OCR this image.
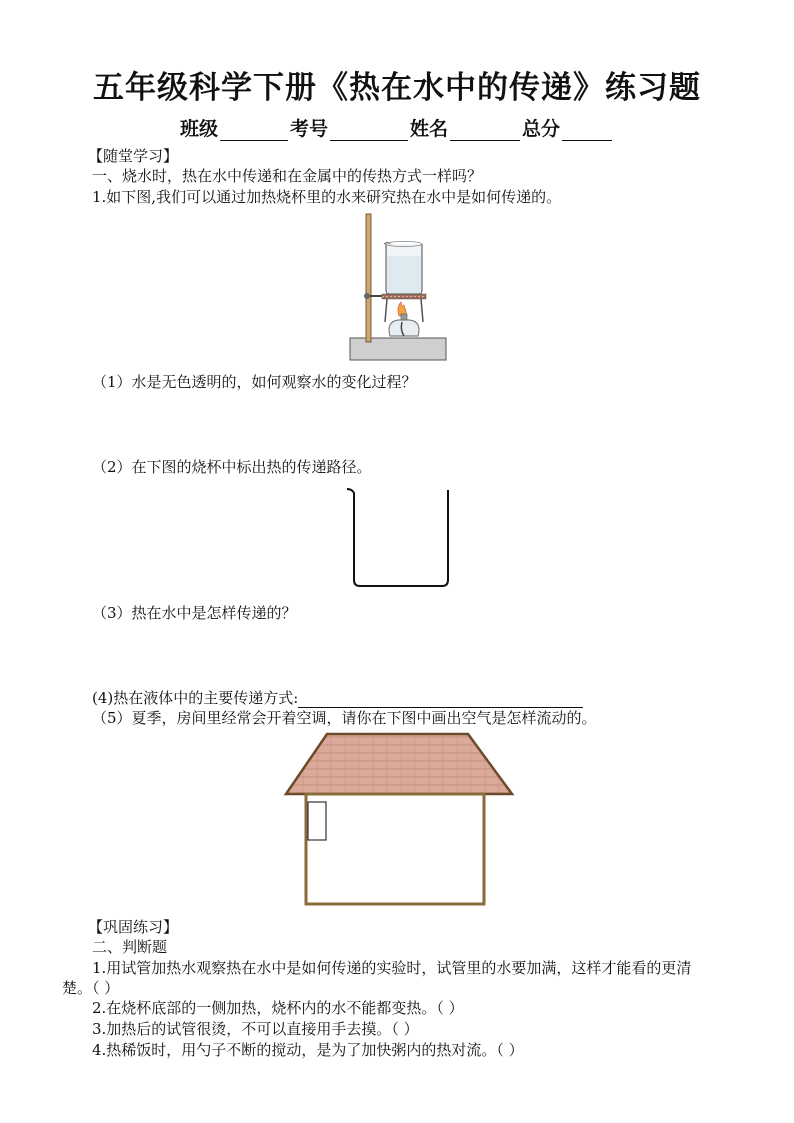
五年级科学下册《热在水中的传递》练习题
班级	考号	姓名	总分
【随堂学习】
一、烧水时，热在水中传递和在金属中的传热方式一样吗？
1.如下图,我们可以通过加热烧杯里的水来研究热在水中是如何传递的。
（1）水是无色透明的，如何观察水的变化过程？
（2）在下图的烧杯中标出热的传递路径。
（3）热在水中是怎样传递的？
(4)热在液体中的主要传递方式:
（5）夏季，房间里经常会开着空调，请你在下图中画出空气是怎样流动的。
【巩固练习】
二、判断题
1.用试管加热水观察热在水中是如何传递的实验时，试管里的水要加满，这样才能看的更清
楚。（ ）
2.在烧杯底部的一侧加热，烧杯内的水不能都变热。（ ）
3.加热后的试管很烫，不可以直接用手去摸。（ ）
4.热稀饭时，用勺子不断的搅动，是为了加快粥内的热对流。（ ）
